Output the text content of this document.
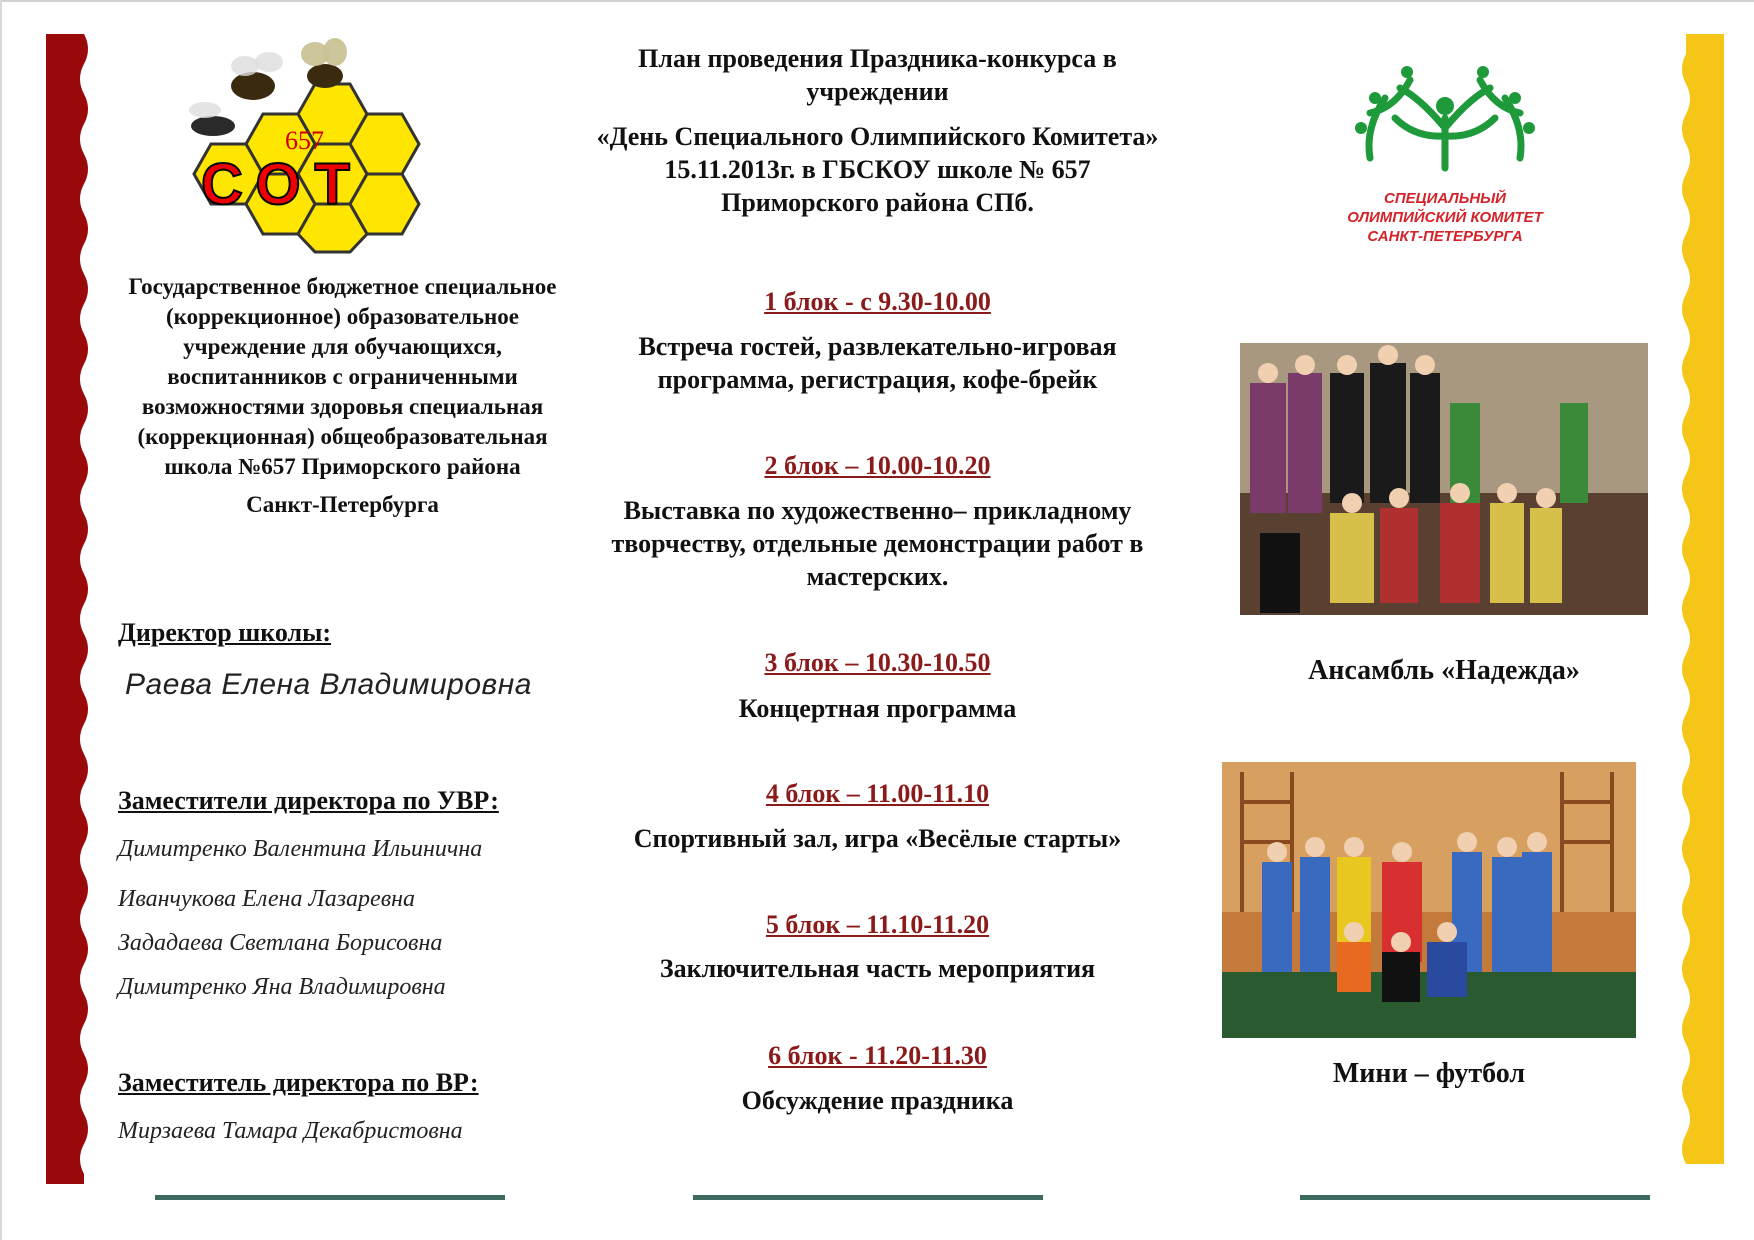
657
СОТ
Государственное бюджетное специальное (коррекционное) образовательное учреждение для обучающихся, воспитанников с ограниченными возможностями здоровья специальная (коррекционная) общеобразовательная школа №657 Приморского района
Санкт-Петербурга
Директор школы:
Раева Елена Владимировна
Заместители директора по УВР:
Димитренко Валентина Ильинична
Иванчукова Елена Лазаревна
Зададаева Светлана Борисовна
Димитренко Яна Владимировна
Заместитель директора по ВР:
Мирзаева Тамара Декабристовна
План проведения Праздника-конкурса в учреждении
«День Специального Олимпийского Комитета» 15.11.2013г. в ГБСКОУ школе № 657 Приморского района СПб.
1 блок - с 9.30-10.00
Встреча гостей, развлекательно-игровая программа, регистрация, кофе-брейк
2 блок – 10.00-10.20
Выставка по художественно– прикладному творчеству, отдельные демонстрации работ в мастерских.
3 блок – 10.30-10.50
Концертная программа
4 блок – 11.00-11.10
Спортивный зал, игра «Весёлые старты»
5 блок – 11.10-11.20
Заключительная часть мероприятия
6 блок - 11.20-11.30
Обсуждение праздника
СПЕЦИАЛЬНЫЙ
ОЛИМПИЙСКИЙ КОМИТЕТ
САНКТ-ПЕТЕРБУРГА
Ансамбль «Надежда»
Мини – футбол
